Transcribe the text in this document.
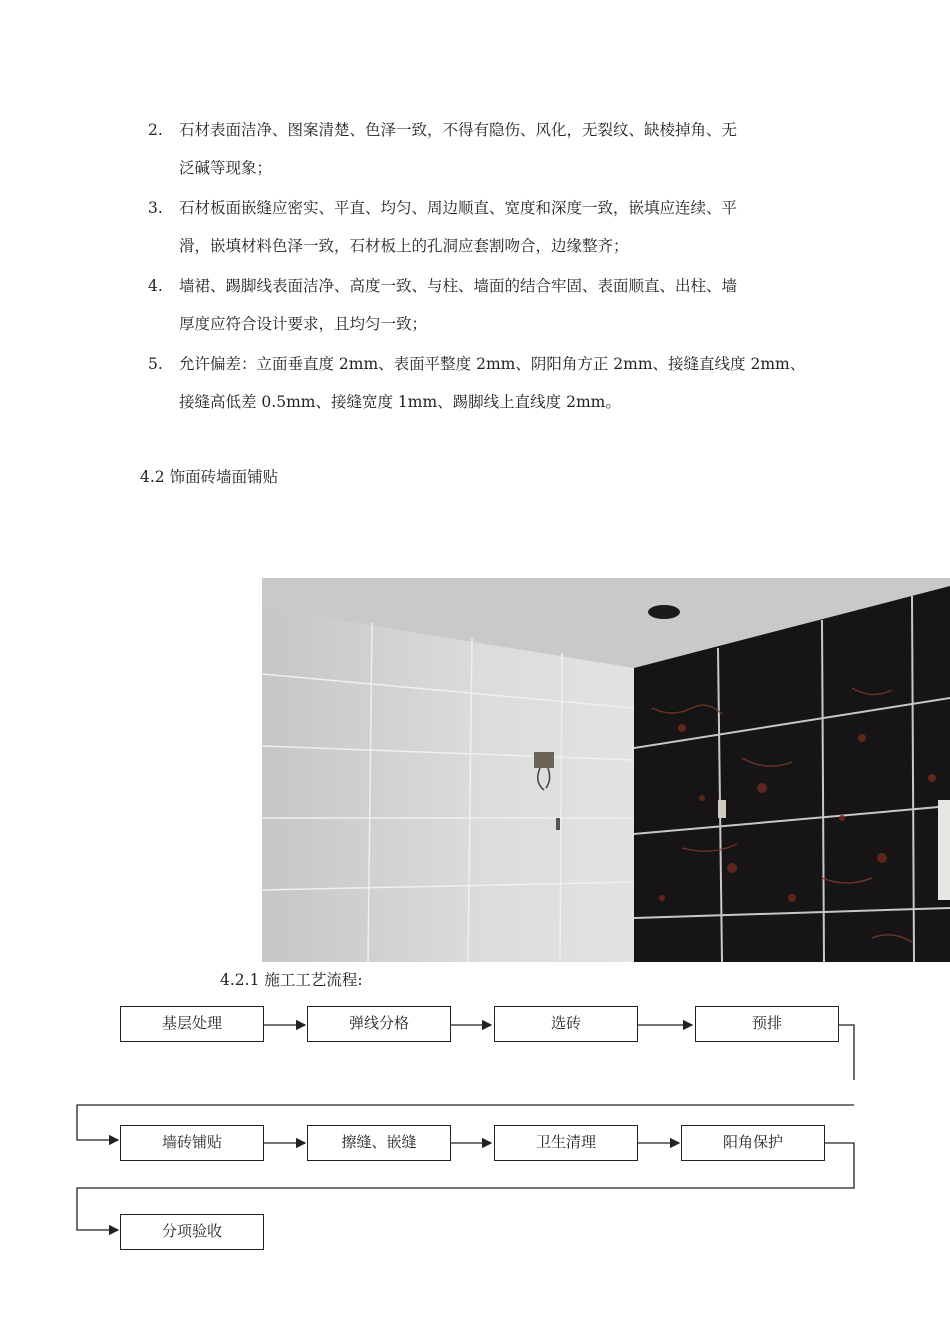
2. 石材表面洁净、图案清楚、色泽一致，不得有隐伤、风化，无裂纹、缺棱掉角、无
泛碱等现象；
3. 石材板面嵌缝应密实、平直、均匀、周边顺直、宽度和深度一致，嵌填应连续、平
滑，嵌填材料色泽一致，石材板上的孔洞应套割吻合，边缘整齐；
4. 墙裙、踢脚线表面洁净、高度一致、与柱、墙面的结合牢固、表面顺直、出柱、墙
厚度应符合设计要求，且均匀一致；
5. 允许偏差：立面垂直度 2mm、表面平整度 2mm、阴阳角方正 2mm、接缝直线度 2mm、
接缝高低差 0.5mm、接缝宽度 1mm、踢脚线上直线度 2mm。
4.2 饰面砖墙面铺贴
4.2.1 施工工艺流程:
基层处理	弹线分格	选砖	预排
墙砖铺贴	擦缝、嵌缝	卫生清理	阳角保护
分项验收
